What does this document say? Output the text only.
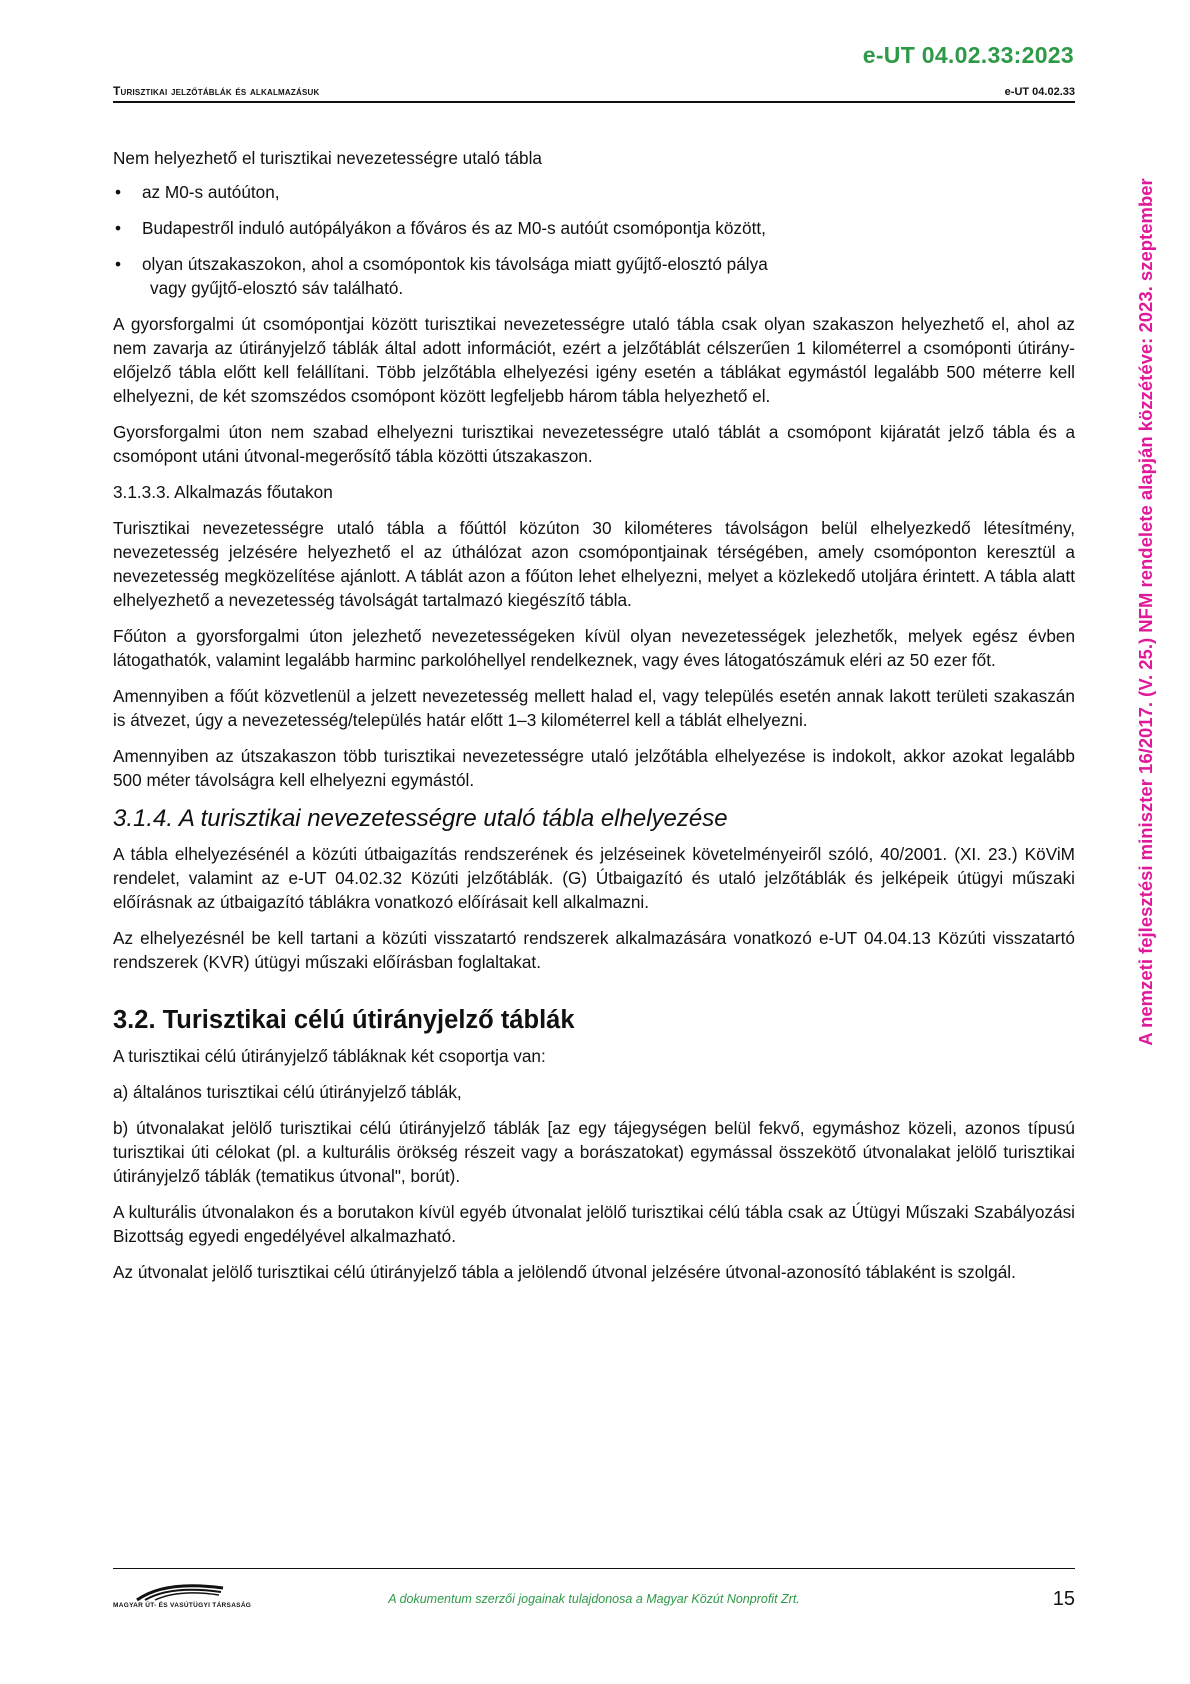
e-UT 04.02.33:2023
Turisztikai jelzőtáblák és alkalmazásuk	e-UT 04.02.33
A nemzeti fejlesztési miniszter 16/2017. (V. 25.) NFM rendelete alapján közzétéve: 2023. szeptember

Nem helyezhető el turisztikai nevezetességre utaló tábla

• az M0-s autóúton,
• Budapestről induló autópályákon a főváros és az M0-s autóút csomópontja között,
• olyan útszakaszokon, ahol a csomópontok kis távolsága miatt gyűjtő-elosztó pálya
vagy gyűjtő-elosztó sáv található.

A gyorsforgalmi út csomópontjai között turisztikai nevezetességre utaló tábla csak olyan szakaszon helyezhető el, ahol az nem zavarja az útirányjelző táblák által adott információt, ezért a jelzőtáblát célszerűen 1 kilométerrel a csomóponti útirány-előjelző tábla előtt kell felállítani. Több jelzőtábla elhelyezési igény esetén a táblákat egymástól legalább 500 méterre kell elhelyezni, de két szomszédos csomópont között legfeljebb három tábla helyezhető el.

Gyorsforgalmi úton nem szabad elhelyezni turisztikai nevezetességre utaló táblát a csomópont kijáratát jelző tábla és a csomópont utáni útvonal-megerősítő tábla közötti útszakaszon.

3.1.3.3. Alkalmazás főutakon

Turisztikai nevezetességre utaló tábla a főúttól közúton 30 kilométeres távolságon belül elhelyezkedő létesítmény, nevezetesség jelzésére helyezhető el az úthálózat azon csomópontjainak térségében, amely csomóponton keresztül a nevezetesség megközelítése ajánlott. A táblát azon a főúton lehet elhelyezni, melyet a közlekedő utoljára érintett. A tábla alatt elhelyezhető a nevezetesség távolságát tartalmazó kiegészítő tábla.

Főúton a gyorsforgalmi úton jelezhető nevezetességeken kívül olyan nevezetességek jelezhetők, melyek egész évben látogathatók, valamint legalább harminc parkolóhellyel rendelkeznek, vagy éves látogatószámuk eléri az 50 ezer főt.

Amennyiben a főút közvetlenül a jelzett nevezetesség mellett halad el, vagy település esetén annak lakott területi szakaszán is átvezet, úgy a nevezetesség/település határ előtt 1–3 kilométerrel kell a táblát elhelyezni.

Amennyiben az útszakaszon több turisztikai nevezetességre utaló jelzőtábla elhelyezése is indokolt, akkor azokat legalább 500 méter távolságra kell elhelyezni egymástól.

3.1.4. A turisztikai nevezetességre utaló tábla elhelyezése

A tábla elhelyezésénél a közúti útbaigazítás rendszerének és jelzéseinek követelményeiről szóló, 40/2001. (XI. 23.) KöViM rendelet, valamint az e-UT 04.02.32 Közúti jelzőtáblák. (G) Útbaigazító és utaló jelzőtáblák és jelképeik útügyi műszaki előírásnak az útbaigazító táblákra vonatkozó előírásait kell alkalmazni.

Az elhelyezésnél be kell tartani a közúti visszatartó rendszerek alkalmazására vonatkozó e-UT 04.04.13 Közúti visszatartó rendszerek (KVR) útügyi műszaki előírásban foglaltakat.

3.2. Turisztikai célú útirányjelző táblák

A turisztikai célú útirányjelző tábláknak két csoportja van:

a) általános turisztikai célú útirányjelző táblák,

b) útvonalakat jelölő turisztikai célú útirányjelző táblák [az egy tájegységen belül fekvő, egymáshoz közeli, azonos típusú turisztikai úti célokat (pl. a kulturális örökség részeit vagy a borászatokat) egymással összekötő útvonalakat jelölő turisztikai útirányjelző táblák (tematikus útvonal", borút).

A kulturális útvonalakon és a borutakon kívül egyéb útvonalat jelölő turisztikai célú tábla csak az Útügyi Műszaki Szabályozási Bizottság egyedi engedélyével alkalmazható.

Az útvonalat jelölő turisztikai célú útirányjelző tábla a jelölendő útvonal jelzésére útvonal-azonosító táblaként is szolgál.

MAGYAR ÚT- ÉS VASÚTÜGYI TÁRSASÁG	A dokumentum szerzői jogainak tulajdonosa a Magyar Közút Nonprofit Zrt.	15
